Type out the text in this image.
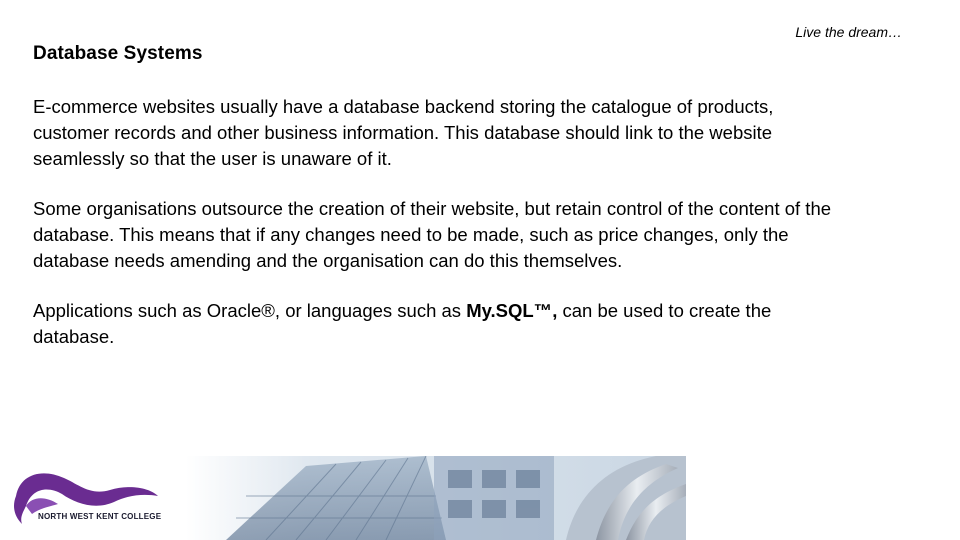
Live the dream…
Database Systems

E-commerce websites usually have a database backend storing the catalogue of products, customer records and other business information. This database should link to the website seamlessly so that the user is unaware of it.

Some organisations outsource the creation of their website, but retain control of the content of the database. This means that if any changes need to be made, such as price changes, only the database needs amending and the organisation can do this themselves.

Applications such as Oracle®, or languages such as My.SQL™, can be used to create the database.

NORTH WEST KENT COLLEGE
